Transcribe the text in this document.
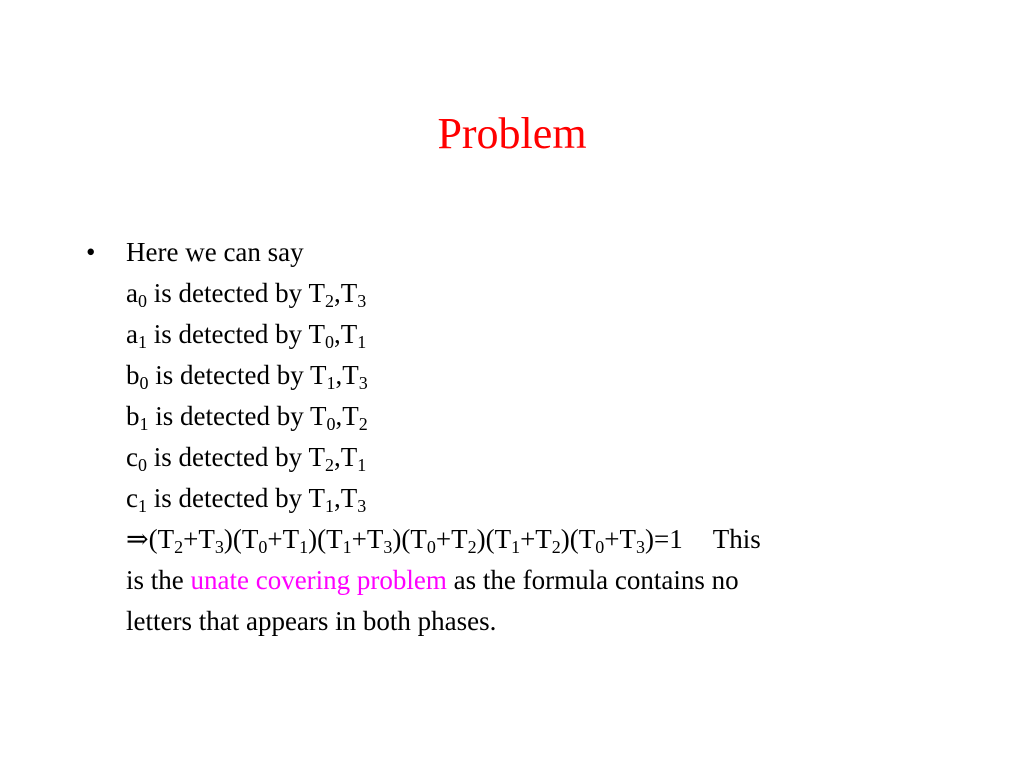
Problem
•	Here we can say
$a_0$ is detected by $T_2,T_3$
$a_1$ is detected by $T_0,T_1$
$b_0$ is detected by $T_1,T_3$
$b_1$ is detected by $T_0,T_2$
$c_0$ is detected by $T_2,T_1$
$c_1$ is detected by $T_1,T_3$
$\Rightarrow(T_2+T_3)(T_0+T_1)(T_1+T_3)(T_0+T_2)(T_1+T_2)(T_0+T_3)=1$ This
is the unate covering problem as the formula contains no
letters that appears in both phases.
